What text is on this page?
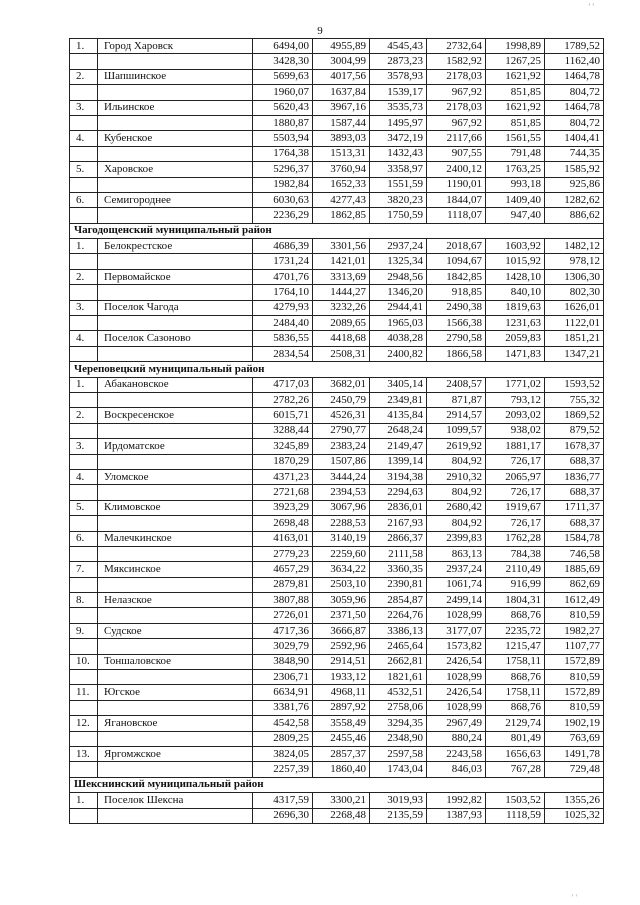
9
' '
1.	Город Харовск	6494,00	4955,89	4545,43	2732,64	1998,89	1789,52
		3428,30	3004,99	2873,23	1582,92	1267,25	1162,40
2.	Шапшинское	5699,63	4017,56	3578,93	2178,03	1621,92	1464,78
		1960,07	1637,84	1539,17	967,92	851,85	804,72
3.	Ильинское	5620,43	3967,16	3535,73	2178,03	1621,92	1464,78
		1880,87	1587,44	1495,97	967,92	851,85	804,72
4.	Кубенское	5503,94	3893,03	3472,19	2117,66	1561,55	1404,41
		1764,38	1513,31	1432,43	907,55	791,48	744,35
5.	Харовское	5296,37	3760,94	3358,97	2400,12	1763,25	1585,92
		1982,84	1652,33	1551,59	1190,01	993,18	925,86
6.	Семигороднее	6030,63	4277,43	3820,23	1844,07	1409,40	1282,62
		2236,29	1862,85	1750,59	1118,07	947,40	886,62
Чагодощенский муниципальный район							
1.	Белокрестское	4686,39	3301,56	2937,24	2018,67	1603,92	1482,12
		1731,24	1421,01	1325,34	1094,67	1015,92	978,12
2.	Первомайское	4701,76	3313,69	2948,56	1842,85	1428,10	1306,30
		1764,10	1444,27	1346,20	918,85	840,10	802,30
3.	Поселок Чагода	4279,93	3232,26	2944,41	2490,38	1819,63	1626,01
		2484,40	2089,65	1965,03	1566,38	1231,63	1122,01
4.	Поселок Сазоново	5836,55	4418,68	4038,28	2790,58	2059,83	1851,21
		2834,54	2508,31	2400,82	1866,58	1471,83	1347,21
Череповецкий муниципальный район							
1.	Абакановское	4717,03	3682,01	3405,14	2408,57	1771,02	1593,52
		2782,26	2450,79	2349,81	871,87	793,12	755,32
2.	Воскресенское	6015,71	4526,31	4135,84	2914,57	2093,02	1869,52
		3288,44	2790,77	2648,24	1099,57	938,02	879,52
3.	Ирдоматское	3245,89	2383,24	2149,47	2619,92	1881,17	1678,37
		1870,29	1507,86	1399,14	804,92	726,17	688,37
4.	Уломское	4371,23	3444,24	3194,38	2910,32	2065,97	1836,77
		2721,68	2394,53	2294,63	804,92	726,17	688,37
5.	Климовское	3923,29	3067,96	2836,01	2680,42	1919,67	1711,37
		2698,48	2288,53	2167,93	804,92	726,17	688,37
6.	Малечкинское	4163,01	3140,19	2866,37	2399,83	1762,28	1584,78
		2779,23	2259,60	2111,58	863,13	784,38	746,58
7.	Мяксинское	4657,29	3634,22	3360,35	2937,24	2110,49	1885,69
		2879,81	2503,10	2390,81	1061,74	916,99	862,69
8.	Нелазское	3807,88	3059,96	2854,87	2499,14	1804,31	1612,49
		2726,01	2371,50	2264,76	1028,99	868,76	810,59
9.	Судское	4717,36	3666,87	3386,13	3177,07	2235,72	1982,27
		3029,79	2592,96	2465,64	1573,82	1215,47	1107,77
10.	Тоншаловское	3848,90	2914,51	2662,81	2426,54	1758,11	1572,89
		2306,71	1933,12	1821,61	1028,99	868,76	810,59
11.	Югское	6634,91	4968,11	4532,51	2426,54	1758,11	1572,89
		3381,76	2897,92	2758,06	1028,99	868,76	810,59
12.	Ягановское	4542,58	3558,49	3294,35	2967,49	2129,74	1902,19
		2809,25	2455,46	2348,90	880,24	801,49	763,69
13.	Яргомжское	3824,05	2857,37	2597,58	2243,58	1656,63	1491,78
		2257,39	1860,40	1743,04	846,03	767,28	729,48
Шекснинский муниципальный район							
1.	Поселок Шексна	4317,59	3300,21	3019,93	1992,82	1503,52	1355,26
		2696,30	2268,48	2135,59	1387,93	1118,59	1025,32
' '
